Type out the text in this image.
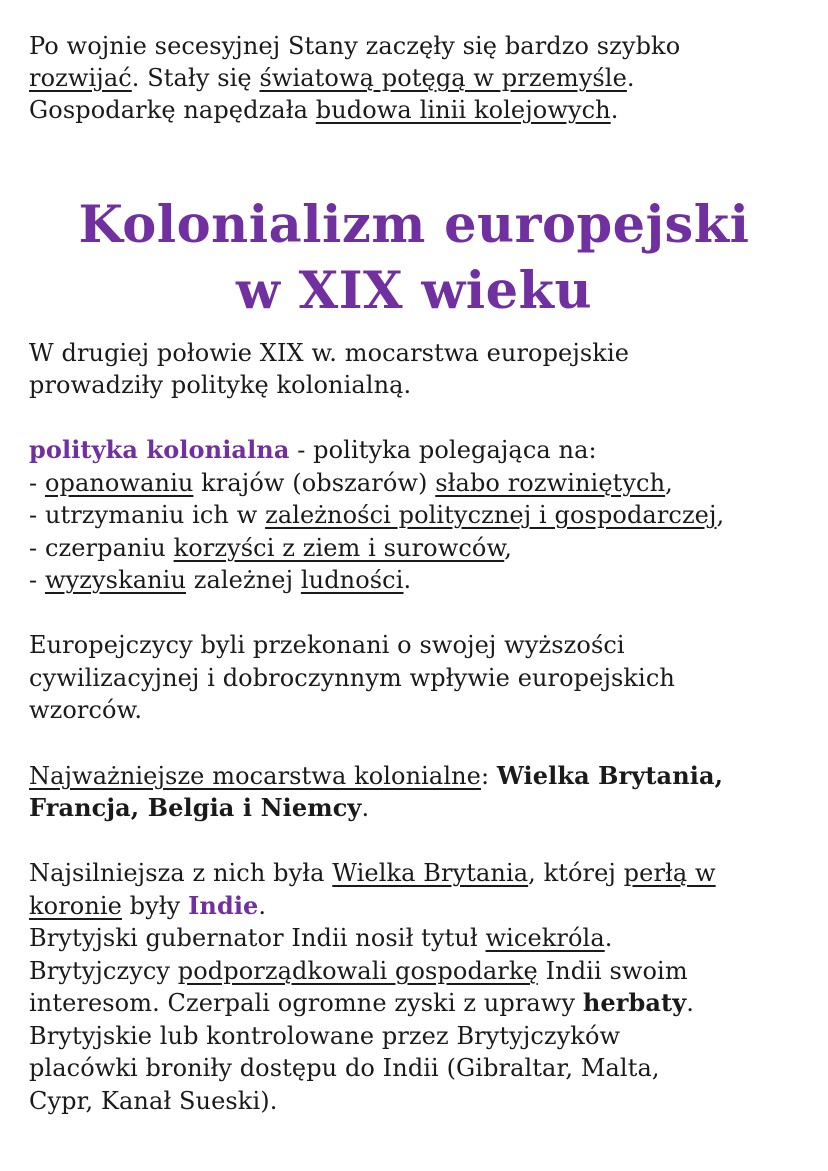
Po wojnie secesyjnej Stany zaczęły się bardzo szybko

rozwijać. Stały się światową potęgą w przemyśle.

Gospodarkę napędzała budowa linii kolejowych.

Kolonializm europejski
w XIX wieku

W drugiej połowie XIX w. mocarstwa europejskie

prowadziły politykę kolonialną.

polityka kolonialna - polityka polegająca na:

- opanowaniu krajów (obszarów) słabo rozwiniętych,

- utrzymaniu ich w zależności politycznej i gospodarczej,

- czerpaniu korzyści z ziem i surowców,

- wyzyskaniu zależnej ludności.

Europejczycy byli przekonani o swojej wyższości

cywilizacyjnej i dobroczynnym wpływie europejskich

wzorców.

Najważniejsze mocarstwa kolonialne: Wielka Brytania,

Francja, Belgia i Niemcy.

Najsilniejsza z nich była Wielka Brytania, której perłą w

koronie były Indie.

Brytyjski gubernator Indii nosił tytuł wicekróla.

Brytyjczycy podporządkowali gospodarkę Indii swoim

interesom. Czerpali ogromne zyski z uprawy herbaty.

Brytyjskie lub kontrolowane przez Brytyjczyków

placówki broniły dostępu do Indii (Gibraltar, Malta,

Cypr, Kanał Sueski).
